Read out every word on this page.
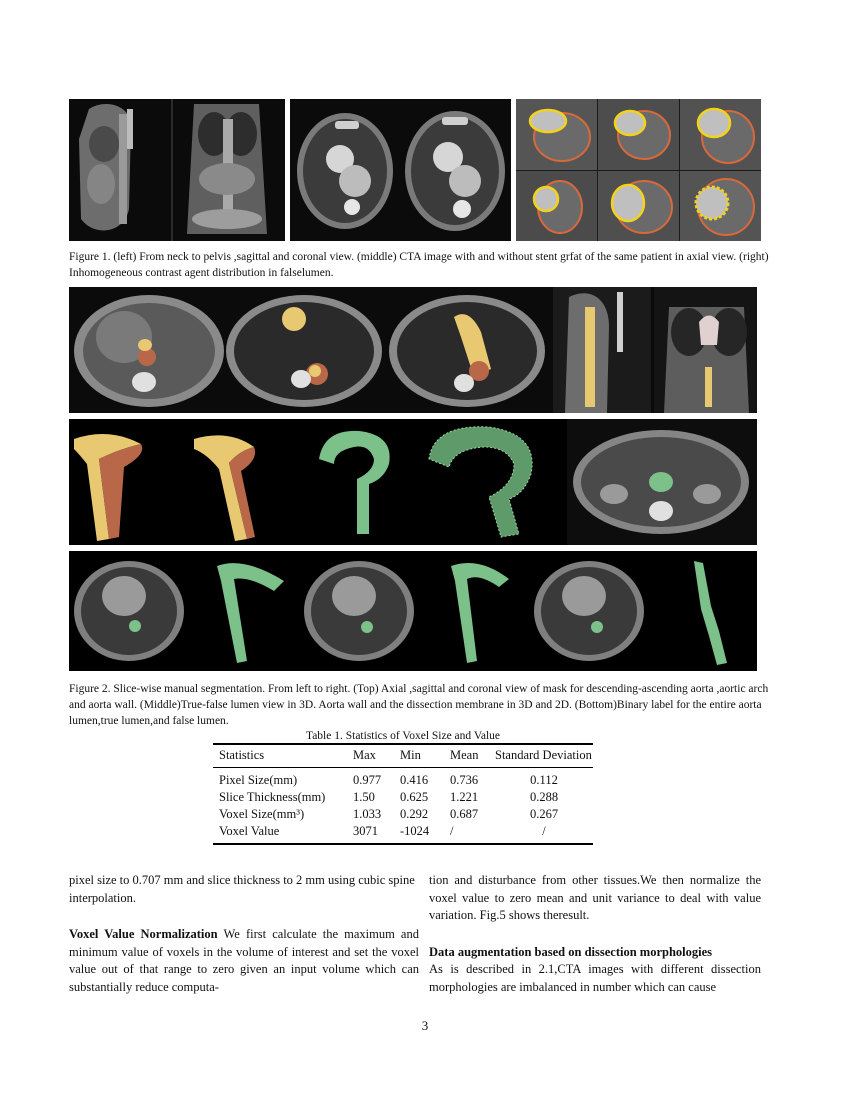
Figure 1. (left) From neck to pelvis ,sagittal and coronal view. (middle) CTA image with and without stent grfat of the same patient in axial view. (right) Inhomogeneous contrast agent distribution in falselumen.
Figure 2. Slice-wise manual segmentation. From left to right. (Top) Axial ,sagittal and coronal view of mask for descending-ascending aorta ,aortic arch and aorta wall. (Middle)True-false lumen view in 3D. Aorta wall and the dissection membrane in 3D and 2D. (Bottom)Binary label for the entire aorta lumen,true lumen,and false lumen.
Table 1. Statistics of Voxel Size and Value
Statistics	Max	Min	Mean	Standard Deviation
Pixel Size(mm)	0.977	0.416	0.736	0.112
Slice Thickness(mm)	1.50	0.625	1.221	0.288
Voxel Size(mm³)	1.033	0.292	0.687	0.267
Voxel Value	3071	-1024	/	/
pixel size to 0.707 mm and slice thickness to 2 mm using cubic spine interpolation.
Voxel Value Normalization We first calculate the maximum and minimum value of voxels in the volume of interest and set the voxel value out of that range to zero given an input volume which can substantially reduce computa-
tion and disturbance from other tissues.We then normalize the voxel value to zero mean and unit variance to deal with value variation. Fig.5 shows theresult.
Data augmentation based on dissection morphologies
As is described in 2.1,CTA images with different dissection morphologies are imbalanced in number which can cause
3
